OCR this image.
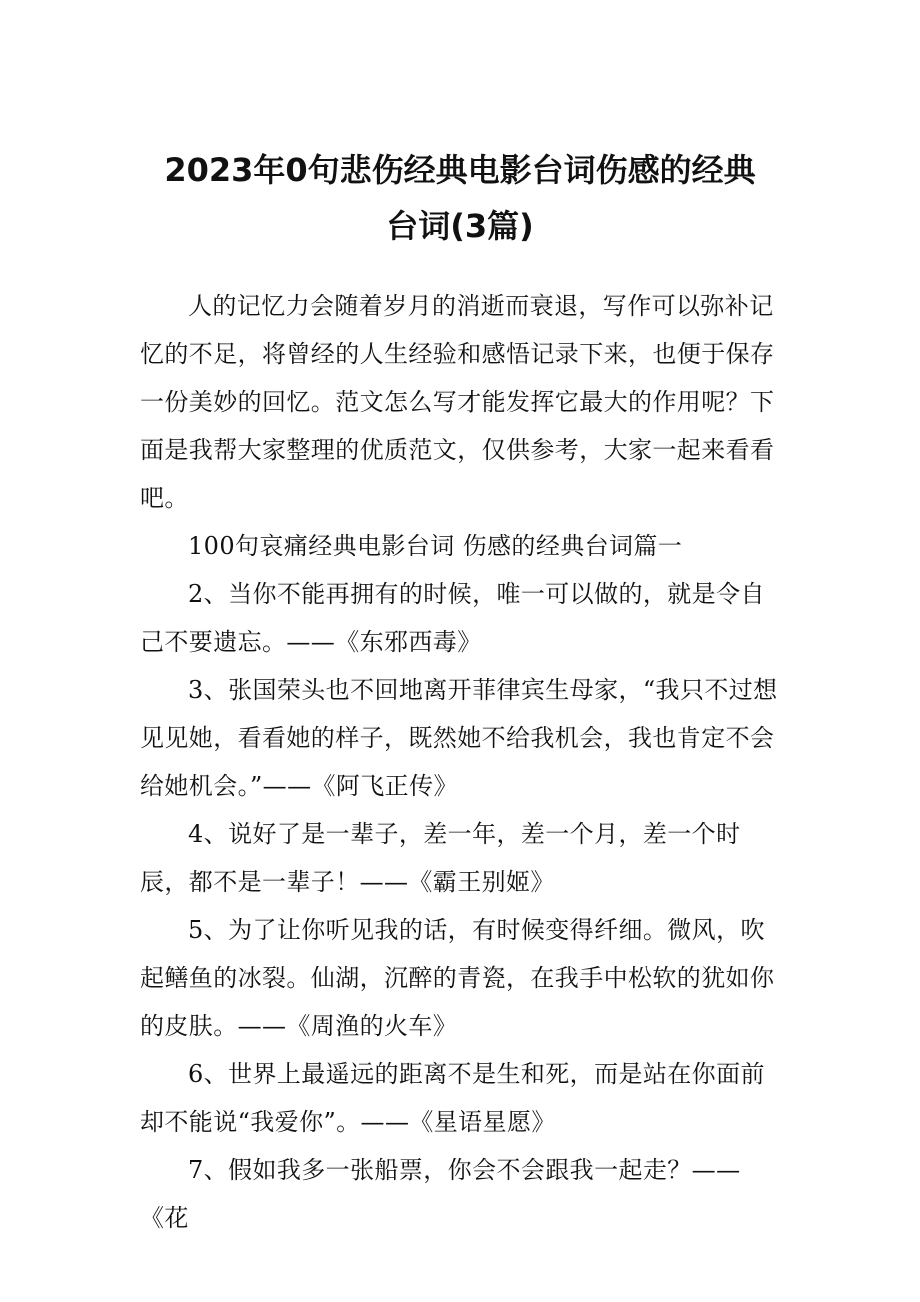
2023年0句悲伤经典电影台词伤感的经典
台词(3篇)

人的记忆力会随着岁月的消逝而衰退，写作可以弥补记忆的不足，将曾经的人生经验和感悟记录下来，也便于保存一份美妙的回忆。范文怎么写才能发挥它最大的作用呢？下面是我帮大家整理的优质范文，仅供参考，大家一起来看看吧。

100句哀痛经典电影台词 伤感的经典台词篇一

2、当你不能再拥有的时候，唯一可以做的，就是令自己不要遗忘。——《东邪西毒》

3、张国荣头也不回地离开菲律宾生母家，“我只不过想见见她，看看她的样子，既然她不给我机会，我也肯定不会给她机会。”——《阿飞正传》

4、说好了是一辈子，差一年，差一个月，差一个时辰，都不是一辈子！——《霸王别姬》

5、为了让你听见我的话，有时候变得纤细。微风，吹起鳝鱼的冰裂。仙湖，沉醉的青瓷，在我手中松软的犹如你的皮肤。——《周渔的火车》

6、世界上最遥远的距离不是生和死，而是站在你面前却不能说“我爱你”。——《星语星愿》

7、假如我多一张船票，你会不会跟我一起走？——《花
